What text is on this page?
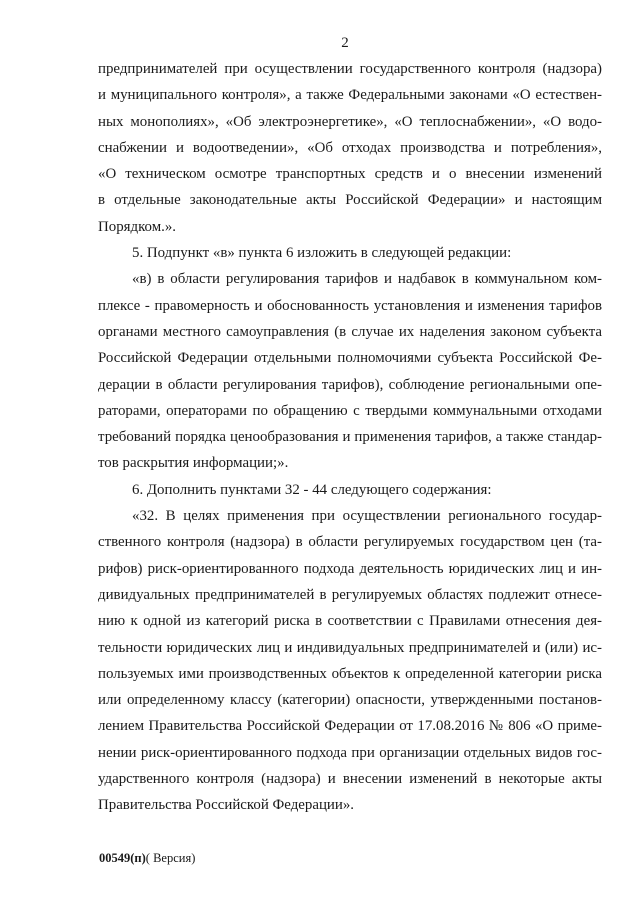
2
предпринимателей при осуществлении государственного контроля (надзора)
и муниципального контроля», а также Федеральными законами «О естествен-
ных монополиях», «Об электроэнергетике», «О теплоснабжении», «О водо-
снабжении и водоотведении», «Об отходах производства и потребления»,
«О техническом осмотре транспортных средств и о внесении изменений
в отдельные законодательные акты Российской Федерации» и настоящим
Порядком.».
5. Подпункт «в» пункта 6 изложить в следующей редакции:
«в) в области регулирования тарифов и надбавок в коммунальном ком-
плексе - правомерность и обоснованность установления и изменения тарифов
органами местного самоуправления (в случае их наделения законом субъекта
Российской Федерации отдельными полномочиями субъекта Российской Фе-
дерации в области регулирования тарифов), соблюдение региональными опе-
раторами, операторами по обращению с твердыми коммунальными отходами
требований порядка ценообразования и применения тарифов, а также стандар-
тов раскрытия информации;».
6. Дополнить пунктами 32 - 44 следующего содержания:
«32. В целях применения при осуществлении регионального государ-
ственного контроля (надзора) в области регулируемых государством цен (та-
рифов) риск-ориентированного подхода деятельность юридических лиц и ин-
дивидуальных предпринимателей в регулируемых областях подлежит отнесе-
нию к одной из категорий риска в соответствии с Правилами отнесения дея-
тельности юридических лиц и индивидуальных предпринимателей и (или) ис-
пользуемых ими производственных объектов к определенной категории риска
или определенному классу (категории) опасности, утвержденными постанов-
лением Правительства Российской Федерации от 17.08.2016 № 806 «О приме-
нении риск-ориентированного подхода при организации отдельных видов гос-
ударственного контроля (надзора) и внесении изменений в некоторые акты
Правительства Российской Федерации».
00549(п)( Версия)
